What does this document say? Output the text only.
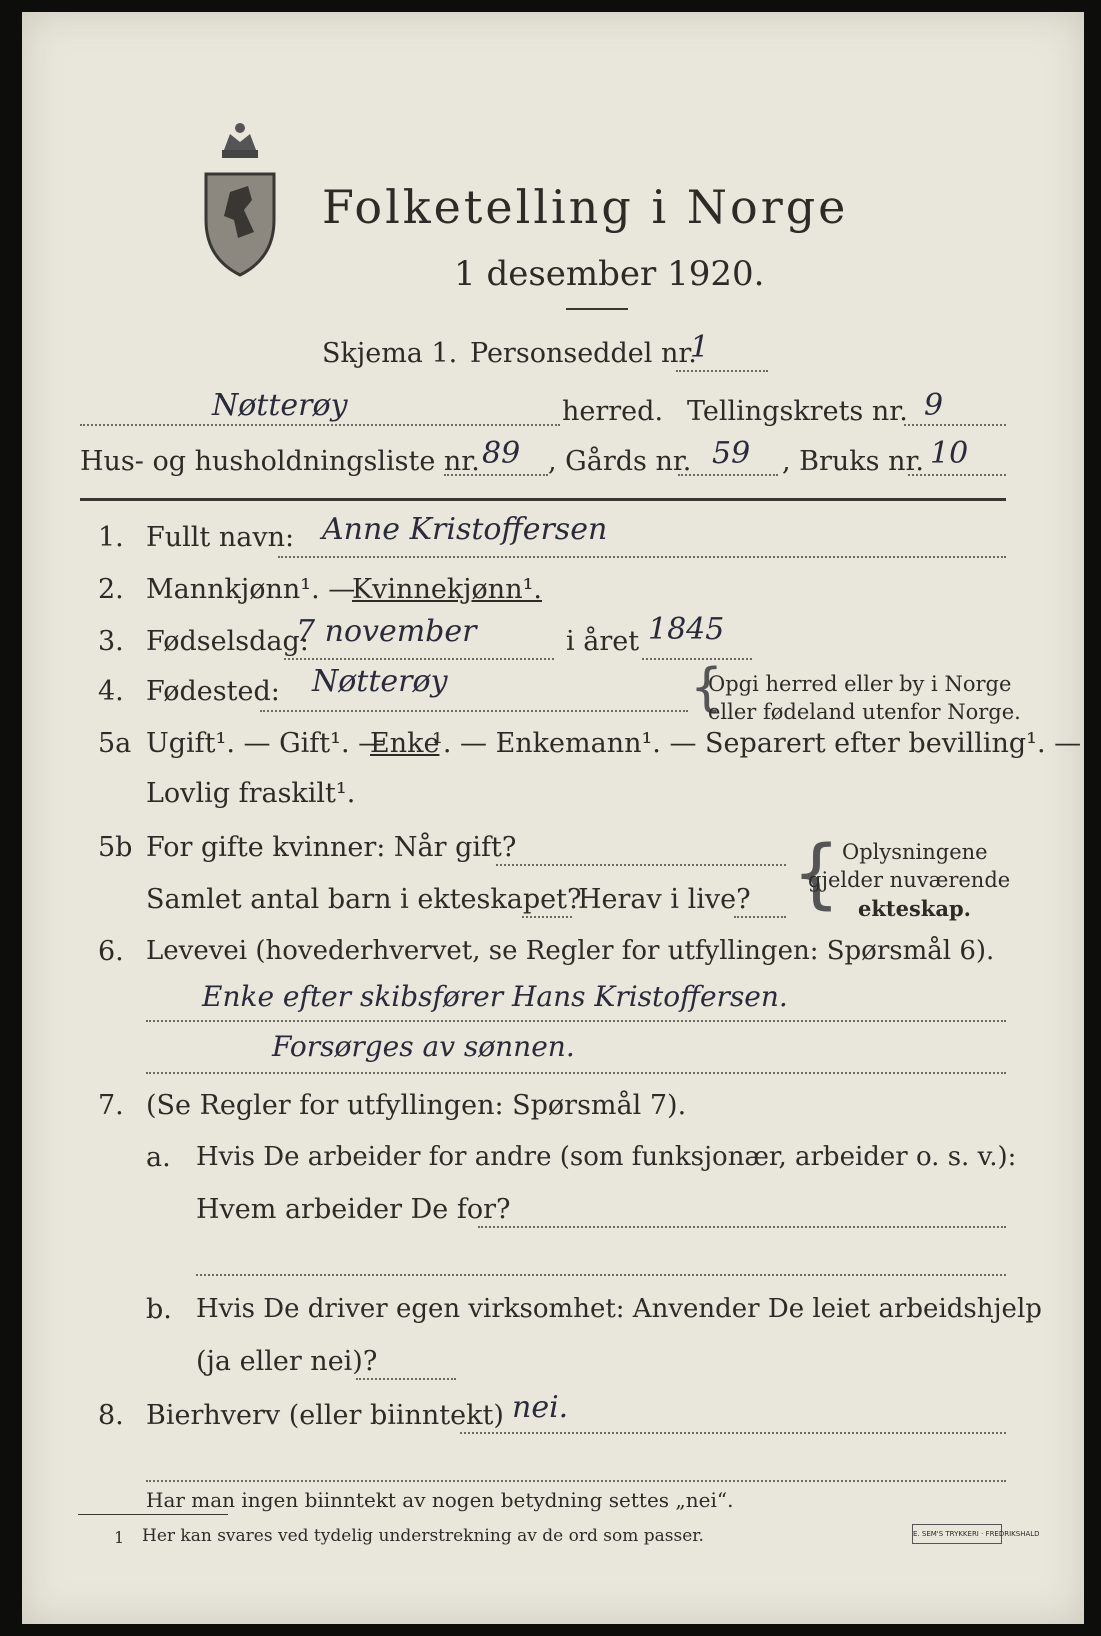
Folketelling i Norge
1 desember 1920.
Skjema 1. Personseddel nr.
1
Nøtterøy	herred. Tellingskrets nr. 9
Hus- og husholdningsliste nr. 89 , Gårds nr. 59 , Bruks nr. 10
1. Fullt navn: Anne Kristoffersen
2. Mannkjønn¹. —
Kvinnekjønn¹.
3. Fødselsdag:
7 november	i året 1845
4. Fødested: Nøtterøy	{
Opgi herred eller by i Norge
eller fødeland utenfor Norge.
5a Ugift¹. — Gift¹. —
Enke
¹. — Enkemann¹. — Separert efter bevilling¹. —
Lovlig fraskilt¹.
5b For gifte kvinner: Når gift?
Samlet antal barn i ekteskapet?
Herav i live? { Oplysningene
gjelder nuværende
ekteskap.
6. Levevei (hovederhvervet, se Regler for utfyllingen: Spørsmål 6).
Enke efter skibsfører Hans Kristoffersen.
Forsørges av sønnen.
7. (Se Regler for utfyllingen: Spørsmål 7).
a. Hvis De arbeider for andre (som funksjonær, arbeider o. s. v.):
Hvem arbeider De for?
b. Hvis De driver egen virksomhet: Anvender De leiet arbeidshjelp
(ja eller nei)?
8. Bierhverv (eller biinntekt) nei.
Har man ingen biinntekt av nogen betydning settes „nei“.
1 Her kan svares ved tydelig understrekning av de ord som passer.	E. SEM'S TRYKKERI · FREDRIKSHALD
